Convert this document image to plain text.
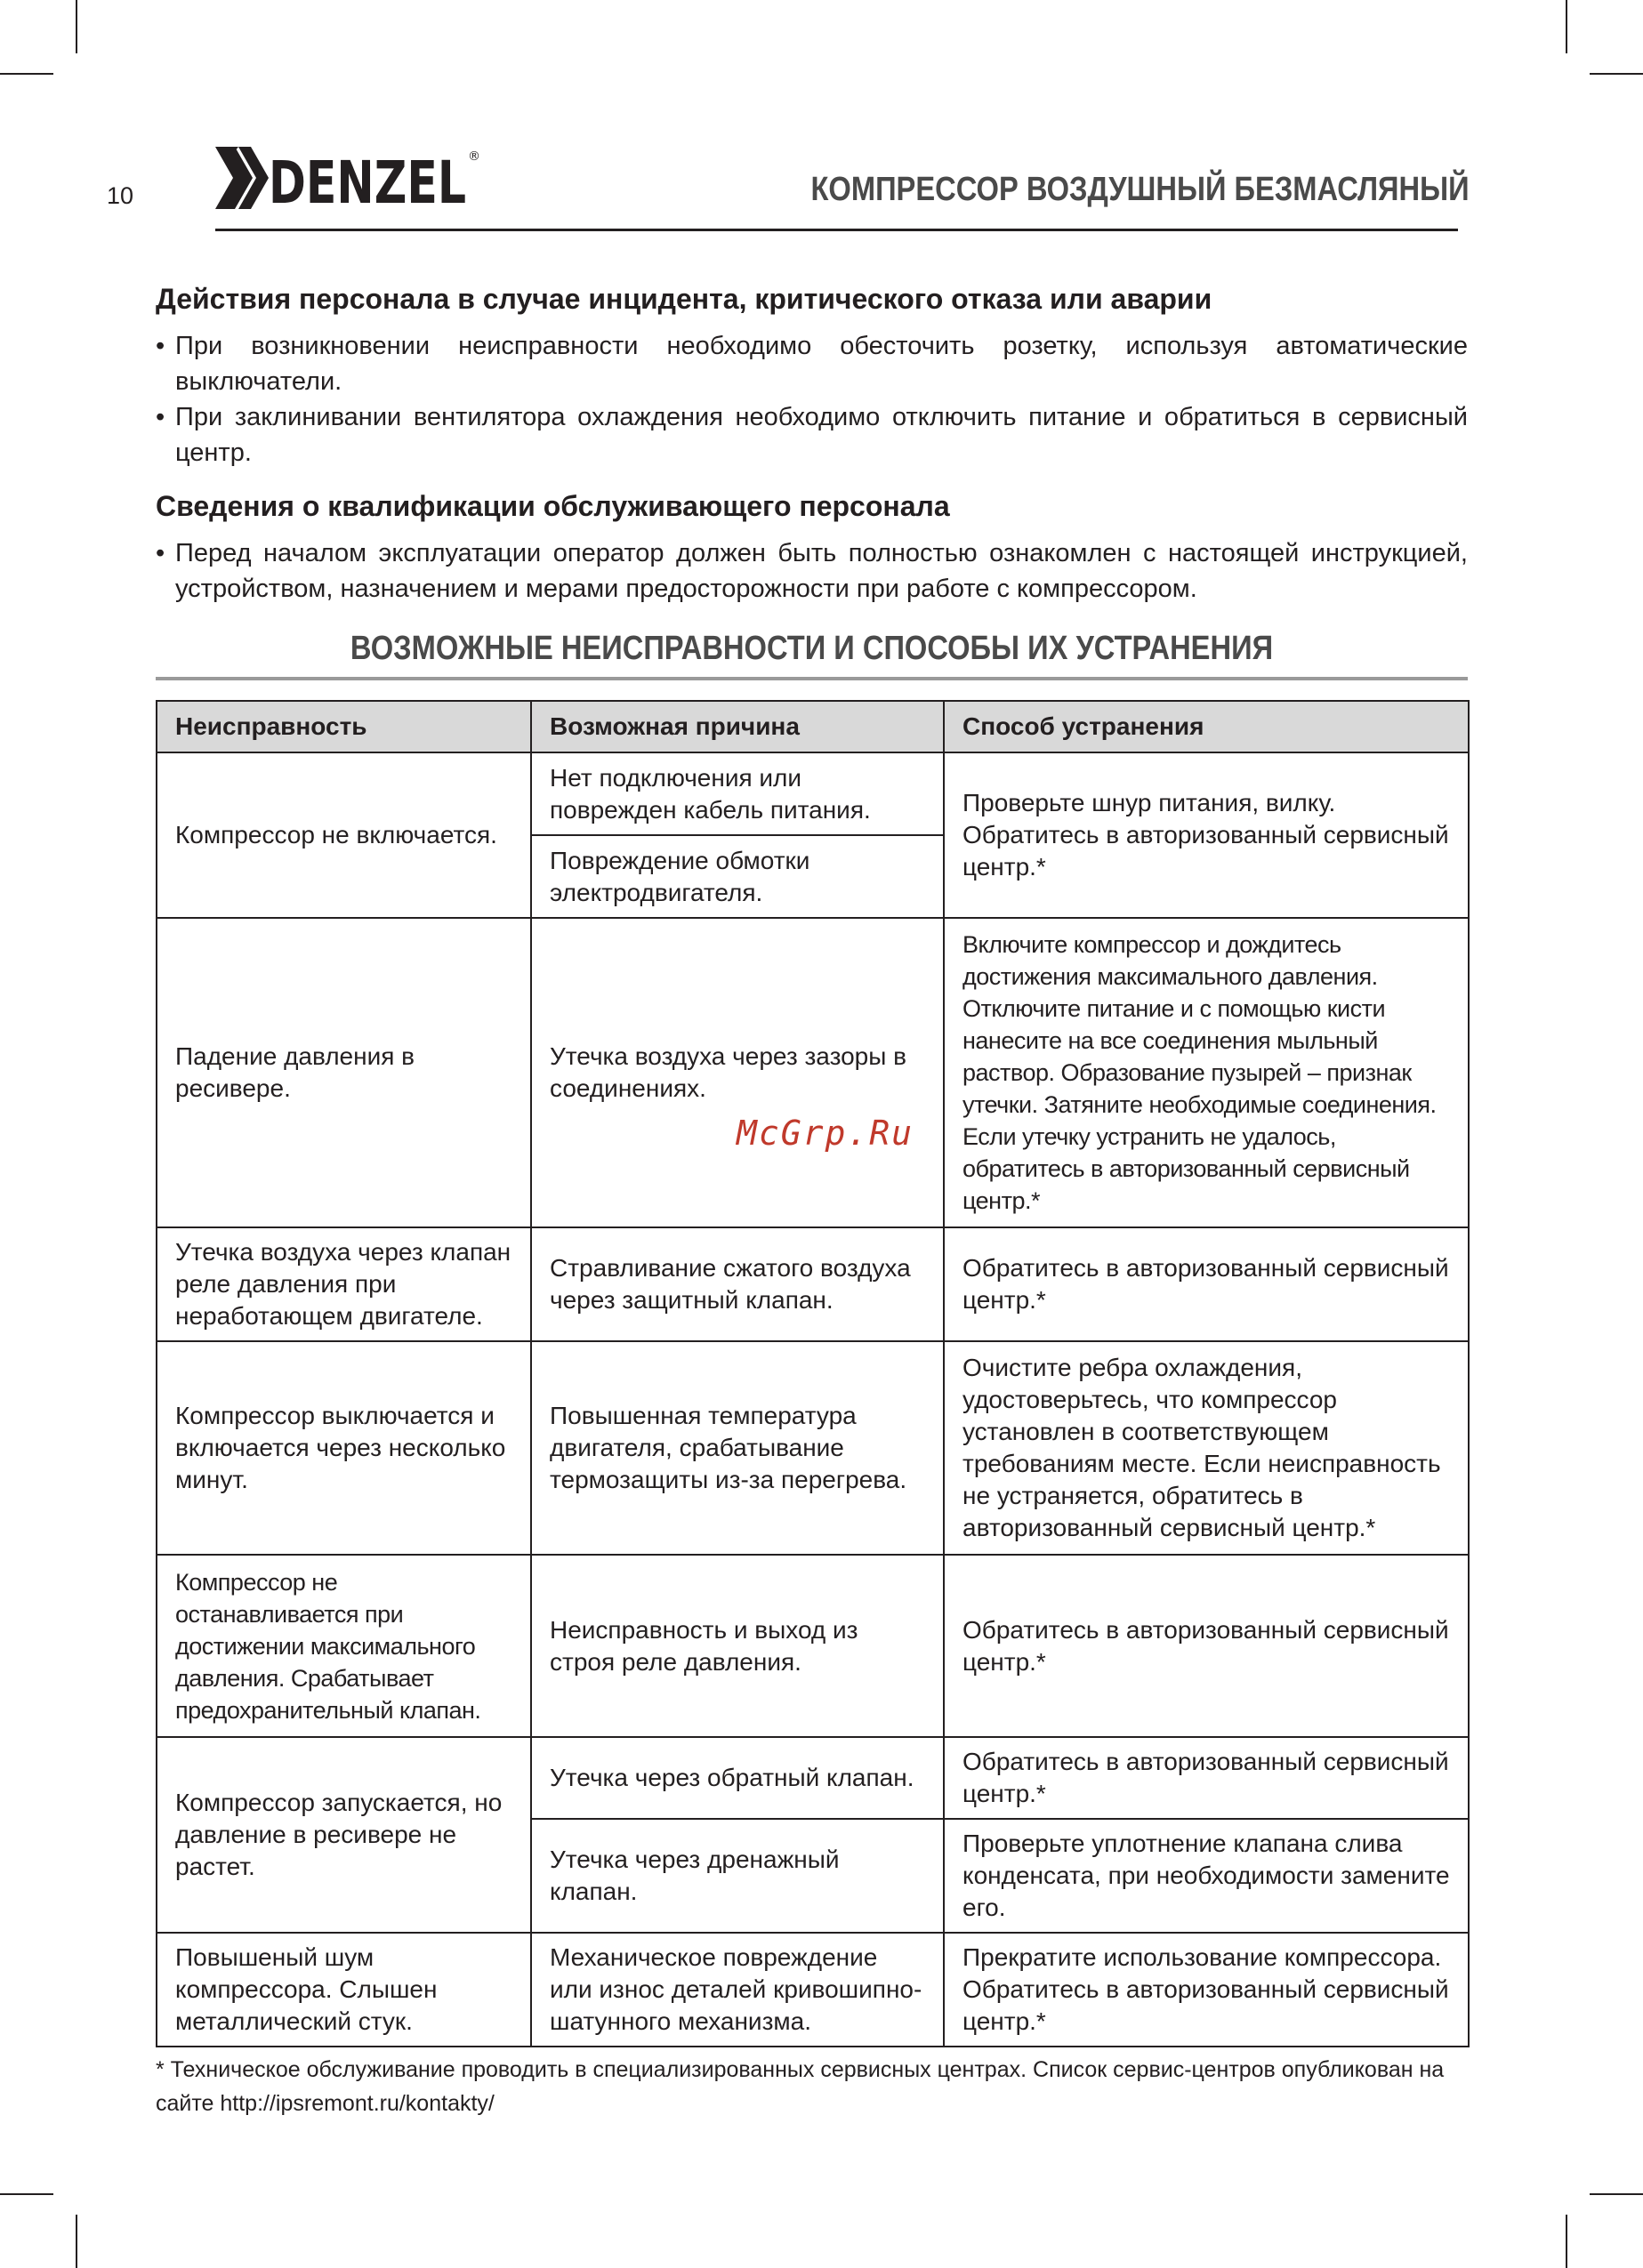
10 DENZEL ®
КОМПРЕССОР ВОЗДУШНЫЙ БЕЗМАСЛЯНЫЙ
Действия персонала в случае инцидента, критического отказа или аварии
• При возникновении неисправности необходимо обесточить розетку, используя автоматические выключатели.
• При заклинивании вентилятора охлаждения необходимо отключить питание и обратиться в сервисный центр.
Сведения о квалификации обслуживающего персонала
• Перед началом эксплуатации оператор должен быть полностью ознакомлен с настоящей инструкцией, устройством, назначением и мерами предосторожности при работе с компрессором.
ВОЗМОЖНЫЕ НЕИСПРАВНОСТИ И СПОСОБЫ ИХ УСТРАНЕНИЯ
Неисправность	Возможная причина	Способ устранения
Компрессор не включается.	Нет подключения или поврежден кабель питания.	Проверьте шнур питания, вилку. Обратитесь в авторизованный сервисный центр.*
	Повреждение обмотки электродвигателя.	
Падение давления в ресивере.	Утечка воздуха через зазоры в соединениях.	Включите компрессор и дождитесь достижения максимального давления. Отключите питание и с помощью кисти нанесите на все соединения мыльный раствор. Образование пузырей – признак утечки. Затяните необходимые соединения. Если утечку устранить не удалось, обратитесь в авторизованный сервисный центр.*
Утечка воздуха через клапан реле давления при неработающем двигателе.	Стравливание сжатого воздуха через защитный клапан.	Обратитесь в авторизованный сервисный центр.*
Компрессор выключается и включается через несколько минут.	Повышенная температура двигателя, срабатывание термозащиты из-за перегрева.	Очистите ребра охлаждения, удостоверьтесь, что компрессор установлен в соответствующем требованиям месте. Если неисправность не устраняется, обратитесь в авторизованный сервисный центр.*
Компрессор не останавливается при достижении максимального давления. Срабатывает предохранительный клапан.	Неисправность и выход из строя реле давления.	Обратитесь в авторизованный сервисный центр.*
Компрессор запускается, но давление в ресивере не растет.	Утечка через обратный клапан.	Обратитесь в авторизованный сервисный центр.*
	Утечка через дренажный клапан.	Проверьте уплотнение клапана слива конденсата, при необходимости замените его.
Повышеный шум компрессора. Слышен металлический стук.	Механическое повреждение или износ деталей кривошипно-шатунного механизма.	Прекратите использование компрессора. Обратитесь в авторизованный сервисный центр.*
McGrp.Ru
* Техническое обслуживание проводить в специализированных сервисных центрах. Список сервис-центров опубликован на сайте http://ipsremont.ru/kontakty/
